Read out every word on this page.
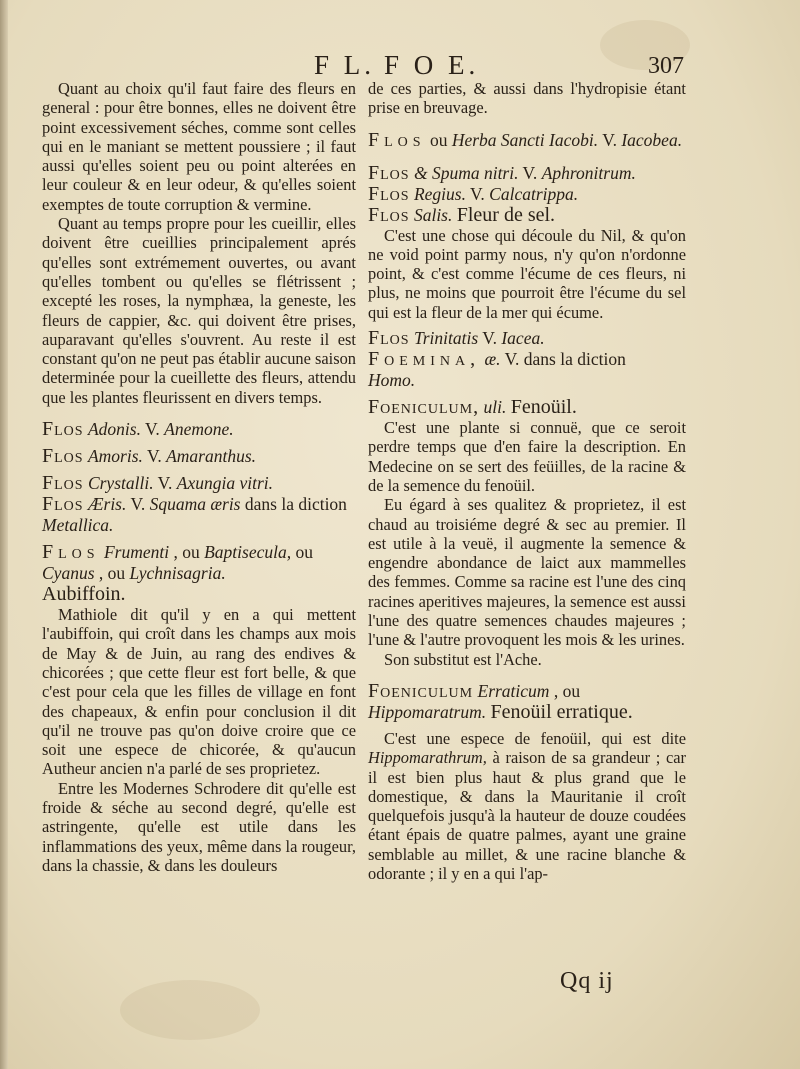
F L. F O E.	307

Quant au choix qu'il faut faire des fleurs en general : pour être bonnes, elles ne doivent être point excessivement séches, comme sont celles qui en le maniant se mettent poussiere ; il faut aussi qu'elles soient peu ou point alterées en leur couleur & en leur odeur, & qu'elles soient exemptes de toute corruption & vermine.

Quant au temps propre pour les cueillir, elles doivent être cueillies principalement aprés qu'elles sont extrémement ouvertes, ou avant qu'elles tombent ou qu'elles se flétrissent ; excepté les roses, la nymphæa, la geneste, les fleurs de cappier, &c. qui doivent être prises, auparavant qu'elles s'ouvrent. Au reste il est constant qu'on ne peut pas établir aucune saison determinée pour la cueillette des fleurs, attendu que les plantes fleurissent en divers temps.

Flos Adonis. V. Anemone.

Flos Amoris. V. Amaranthus.

Flos Crystalli. V. Axungia vitri.

Flos Æris. V. Squama æris dans la diction Metallica.

Flos Frumenti , ou Baptisecula, ou Cyanus , ou Lychnisagria.
Aubiffoin.

Mathiole dit qu'il y en a qui mettent l'aubiffoin, qui croît dans les champs aux mois de May & de Juin, au rang des endives & chicorées ; que cette fleur est fort belle, & que c'est pour cela que les filles de village en font des chapeaux, & enfin pour conclusion il dit qu'il ne trouve pas qu'on doive croire que ce soit une espece de chicorée, & qu'aucun Autheur ancien n'a parlé de ses proprietez.

Entre les Modernes Schrodere dit qu'elle est froide & séche au second degré, qu'elle est astringente, qu'elle est utile dans les inflammations des yeux, même dans la rougeur, dans la chassie, & dans les douleurs

de ces parties, & aussi dans l'hydropisie étant prise en breuvage.

Flos ou Herba Sancti Iacobi. V. Iacobea.

Flos & Spuma nitri. V. Aphronitrum.

Flos Regius. V. Calcatrippa.

Flos Salis. Fleur de sel.

C'est une chose qui découle du Nil, & qu'on ne void point parmy nous, n'y qu'on n'ordonne point, & c'est comme l'écume de ces fleurs, ni plus, ne moins que pourroit être l'écume du sel qui est la fleur de la mer qui écume.

Flos Trinitatis V. Iacea.

Foemina, æ. V. dans la diction
Homo.

Foeniculum, uli. Fenoüil.

C'est une plante si connuë, que ce seroit perdre temps que d'en faire la description. En Medecine on se sert des feüilles, de la racine & de la semence du fenoüil.

Eu égard à ses qualitez & proprietez, il est chaud au troisiéme degré & sec au premier. Il est utile à la veuë, il augmente la semence & engendre abondance de laict aux mammelles des femmes. Comme sa racine est l'une des cinq racines aperitives majeures, la semence est aussi l'une des quatre semences chaudes majeures ; l'une & l'autre provoquent les mois & les urines.

Son substitut est l'Ache.

Foeniculum Erraticum , ou Hippomaratrum. Fenoüil erratique.

C'est une espece de fenoüil, qui est dite Hippomarathrum, à raison de sa grandeur ; car il est bien plus haut & plus grand que le domestique, & dans la Mauritanie il croît quelquefois jusqu'à la hauteur de douze coudées étant épais de quatre palmes, ayant une graine semblable au millet, & une racine blanche & odorante ; il y en a qui l'ap-

Qq ij
